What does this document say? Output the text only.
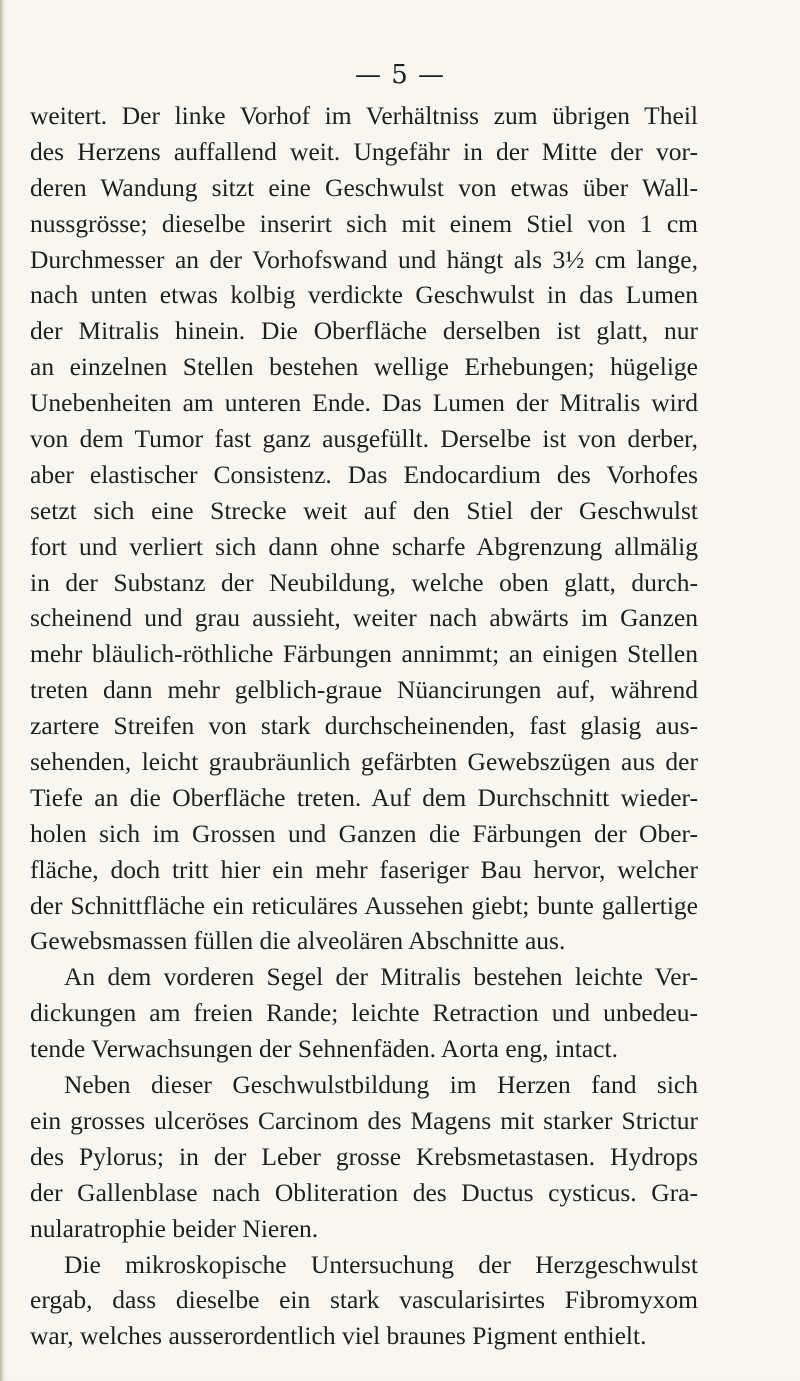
— 5 —
weitert. Der linke Vorhof im Verhältniss zum übrigen Theil
des Herzens auffallend weit. Ungefähr in der Mitte der vor-
deren Wandung sitzt eine Geschwulst von etwas über Wall-
nussgrösse; dieselbe inserirt sich mit einem Stiel von 1 cm
Durchmesser an der Vorhofswand und hängt als 3½ cm lange,
nach unten etwas kolbig verdickte Geschwulst in das Lumen
der Mitralis hinein. Die Oberfläche derselben ist glatt, nur
an einzelnen Stellen bestehen wellige Erhebungen; hügelige
Unebenheiten am unteren Ende. Das Lumen der Mitralis wird
von dem Tumor fast ganz ausgefüllt. Derselbe ist von derber,
aber elastischer Consistenz. Das Endocardium des Vorhofes
setzt sich eine Strecke weit auf den Stiel der Geschwulst
fort und verliert sich dann ohne scharfe Abgrenzung allmälig
in der Substanz der Neubildung, welche oben glatt, durch-
scheinend und grau aussieht, weiter nach abwärts im Ganzen
mehr bläulich-röthliche Färbungen annimmt; an einigen Stellen
treten dann mehr gelblich-graue Nüancirungen auf, während
zartere Streifen von stark durchscheinenden, fast glasig aus-
sehenden, leicht graubräunlich gefärbten Gewebszügen aus der
Tiefe an die Oberfläche treten. Auf dem Durchschnitt wieder-
holen sich im Grossen und Ganzen die Färbungen der Ober-
fläche, doch tritt hier ein mehr faseriger Bau hervor, welcher
der Schnittfläche ein reticuläres Aussehen giebt; bunte gallertige
Gewebsmassen füllen die alveolären Abschnitte aus.
An dem vorderen Segel der Mitralis bestehen leichte Ver-
dickungen am freien Rande; leichte Retraction und unbedeu-
tende Verwachsungen der Sehnenfäden. Aorta eng, intact.
Neben dieser Geschwulstbildung im Herzen fand sich
ein grosses ulceröses Carcinom des Magens mit starker Strictur
des Pylorus; in der Leber grosse Krebsmetastasen. Hydrops
der Gallenblase nach Obliteration des Ductus cysticus. Gra-
nularatrophie beider Nieren.
Die mikroskopische Untersuchung der Herzgeschwulst
ergab, dass dieselbe ein stark vascularisirtes Fibromyxom
war, welches ausserordentlich viel braunes Pigment enthielt.
